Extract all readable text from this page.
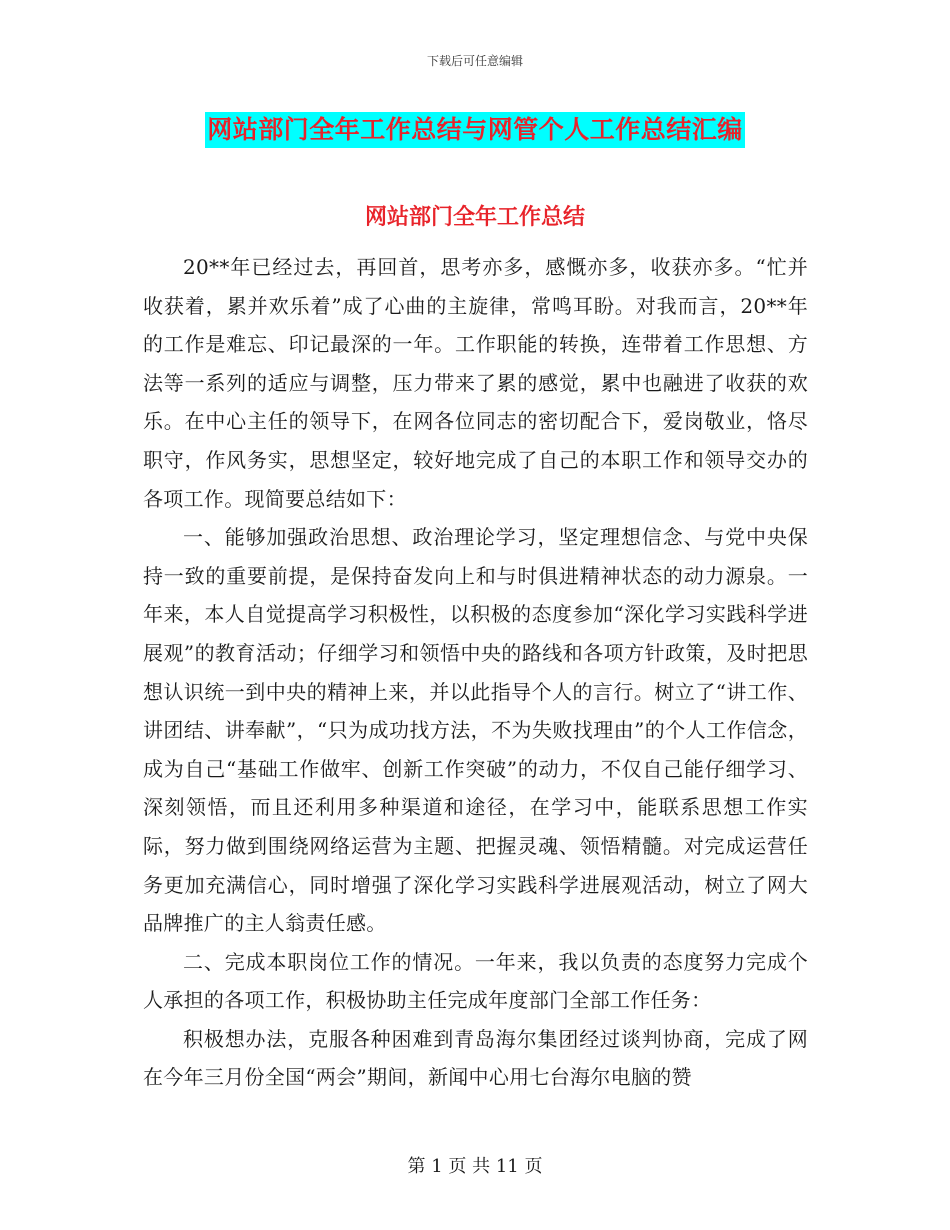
下载后可任意编辑
网站部门全年工作总结与网管个人工作总结汇编
网站部门全年工作总结

20**年已经过去，再回首，思考亦多，感慨亦多，收获亦多。“忙并收获着，累并欢乐着”成了心曲的主旋律，常鸣耳盼。对我而言，20**年的工作是难忘、印记最深的一年。工作职能的转换，连带着工作思想、方法等一系列的适应与调整，压力带来了累的感觉，累中也融进了收获的欢乐。在中心主任的领导下，在网各位同志的密切配合下，爱岗敬业，恪尽职守，作风务实，思想坚定，较好地完成了自己的本职工作和领导交办的各项工作。现简要总结如下：

一、能够加强政治思想、政治理论学习，坚定理想信念、与党中央保持一致的重要前提，是保持奋发向上和与时俱进精神状态的动力源泉。一年来，本人自觉提高学习积极性，以积极的态度参加“深化学习实践科学进展观”的教育活动；仔细学习和领悟中央的路线和各项方针政策，及时把思想认识统一到中央的精神上来，并以此指导个人的言行。树立了“讲工作、讲团结、讲奉献”，“只为成功找方法，不为失败找理由”的个人工作信念，成为自己“基础工作做牢、创新工作突破”的动力，不仅自己能仔细学习、深刻领悟，而且还利用多种渠道和途径，在学习中，能联系思想工作实际，努力做到围绕网络运营为主题、把握灵魂、领悟精髓。对完成运营任务更加充满信心，同时增强了深化学习实践科学进展观活动，树立了网大品牌推广的主人翁责任感。

二、完成本职岗位工作的情况。一年来，我以负责的态度努力完成个人承担的各项工作，积极协助主任完成年度部门全部工作任务：

积极想办法，克服各种困难到青岛海尔集团经过谈判协商，完成了网在今年三月份全国“两会”期间，新闻中心用七台海尔电脑的赞

第 1 页 共 11 页
